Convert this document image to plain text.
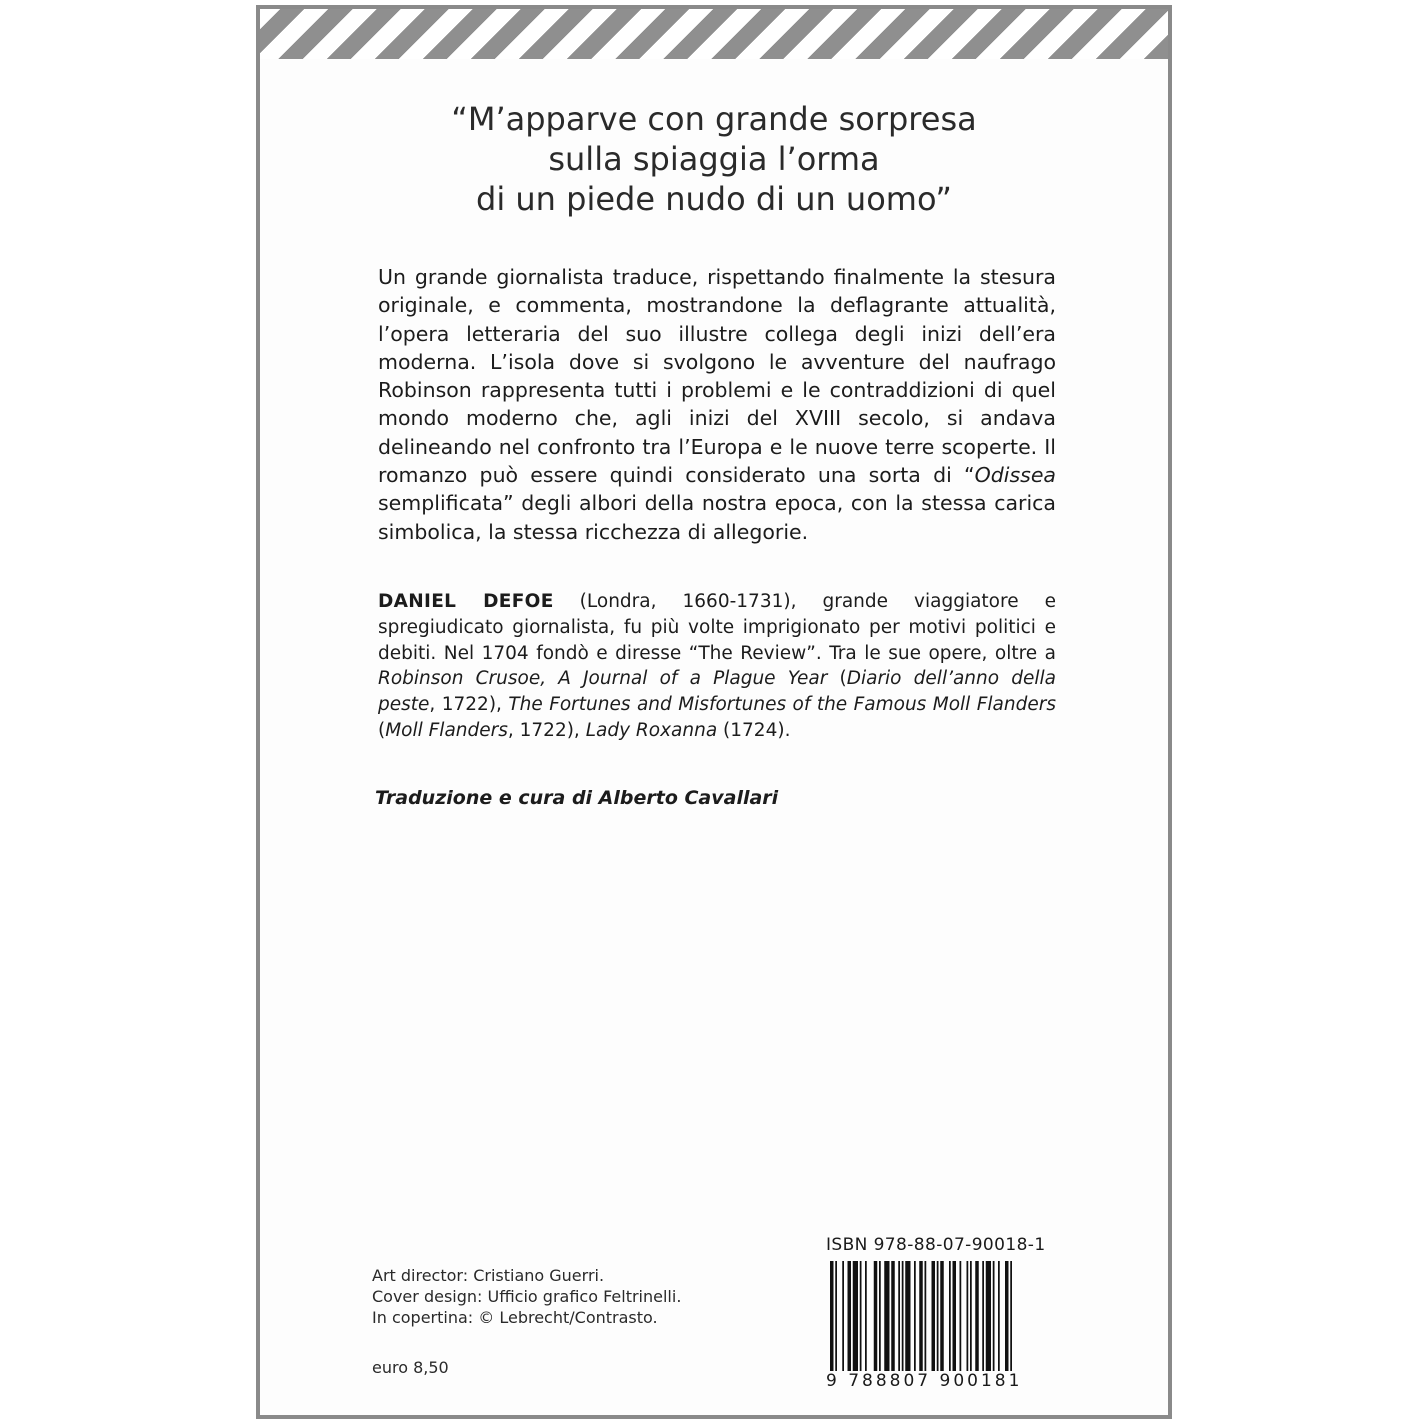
“M’apparve con grande sorpresa
sulla spiaggia l’orma
di un piede nudo di un uomo”
Un grande giornalista traduce, rispettando finalmente la stesura originale, e commenta, mostrandone la deflagrante attualità, l’opera letteraria del suo illustre collega degli inizi dell’era moderna. L’isola dove si svolgono le avventure del naufrago Robinson rappresenta tutti i problemi e le contraddizioni di quel mondo moderno che, agli inizi del XVIII secolo, si andava delineando nel confronto tra l’Europa e le nuove terre scoperte. Il romanzo può essere quindi considerato una sorta di “Odissea semplificata” degli albori della nostra epoca, con la stessa carica simbolica, la stessa ricchezza di allegorie.
DANIEL DEFOE (Londra, 1660-1731), grande viaggiatore e spregiudicato giornalista, fu più volte imprigionato per motivi politici e debiti. Nel 1704 fondò e diresse “The Review”. Tra le sue opere, oltre a Robinson Crusoe, A Journal of a Plague Year (Diario dell’anno della peste, 1722), The Fortunes and Misfortunes of the Famous Moll Flanders (Moll Flanders, 1722), Lady Roxanna (1724).
Traduzione e cura di Alberto Cavallari
Art director: Cristiano Guerri.
Cover design: Ufficio grafico Feltrinelli.
In copertina: © Lebrecht/Contrasto.
euro 8,50
ISBN 978-88-07-90018-1
9 788807 900181
